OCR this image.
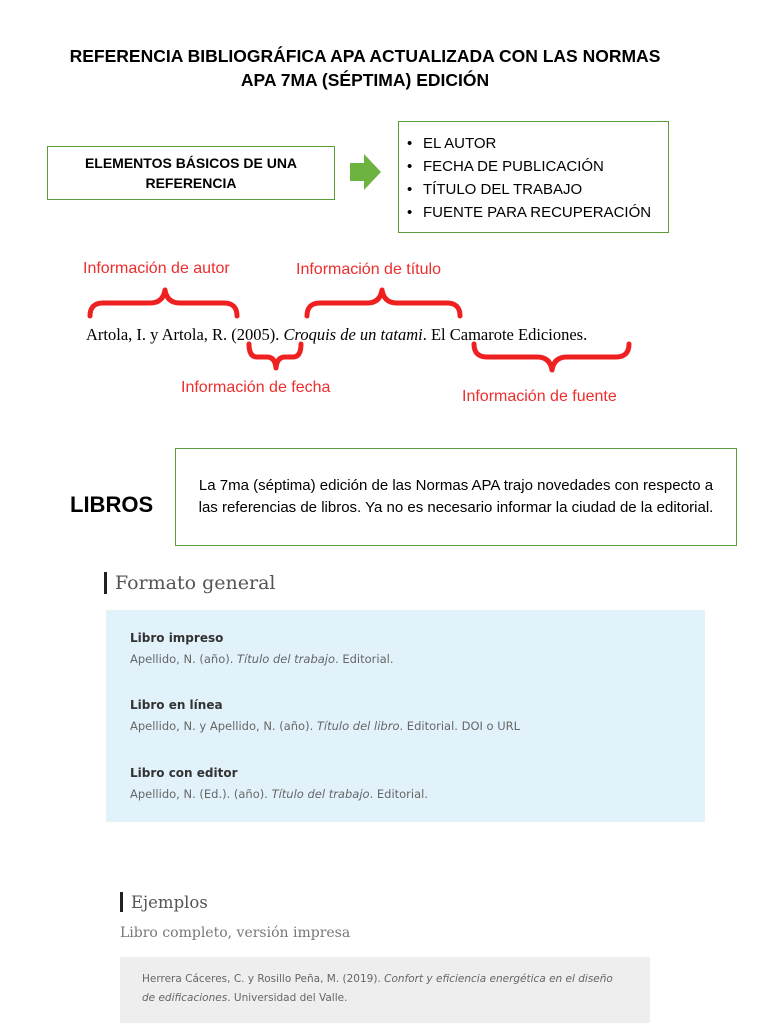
REFERENCIA BIBLIOGRÁFICA APA ACTUALIZADA CON LAS NORMAS
APA 7MA (SÉPTIMA) EDICIÓN
ELEMENTOS BÁSICOS DE UNA REFERENCIA
• EL AUTOR
• FECHA DE PUBLICACIÓN
• TÍTULO DEL TRABAJO
• FUENTE PARA RECUPERACIÓN
Información de autor	Información de título
Información de fecha
Información de fuente
Artola, I. y Artola, R. (2005). Croquis de un tatami. El Camarote Ediciones.
LIBROS
La 7ma (séptima) edición de las Normas APA trajo novedades con respecto a las referencias de libros. Ya no es necesario informar la ciudad de la editorial.
Formato general
Libro impreso
Apellido, N. (año). Título del trabajo. Editorial.
Libro en línea
Apellido, N. y Apellido, N. (año). Título del libro. Editorial. DOI o URL
Libro con editor
Apellido, N. (Ed.). (año). Título del trabajo. Editorial.
Ejemplos
Libro completo, versión impresa
Herrera Cáceres, C. y Rosillo Peña, M. (2019). Confort y eficiencia energética en el diseño de edificaciones. Universidad del Valle.
